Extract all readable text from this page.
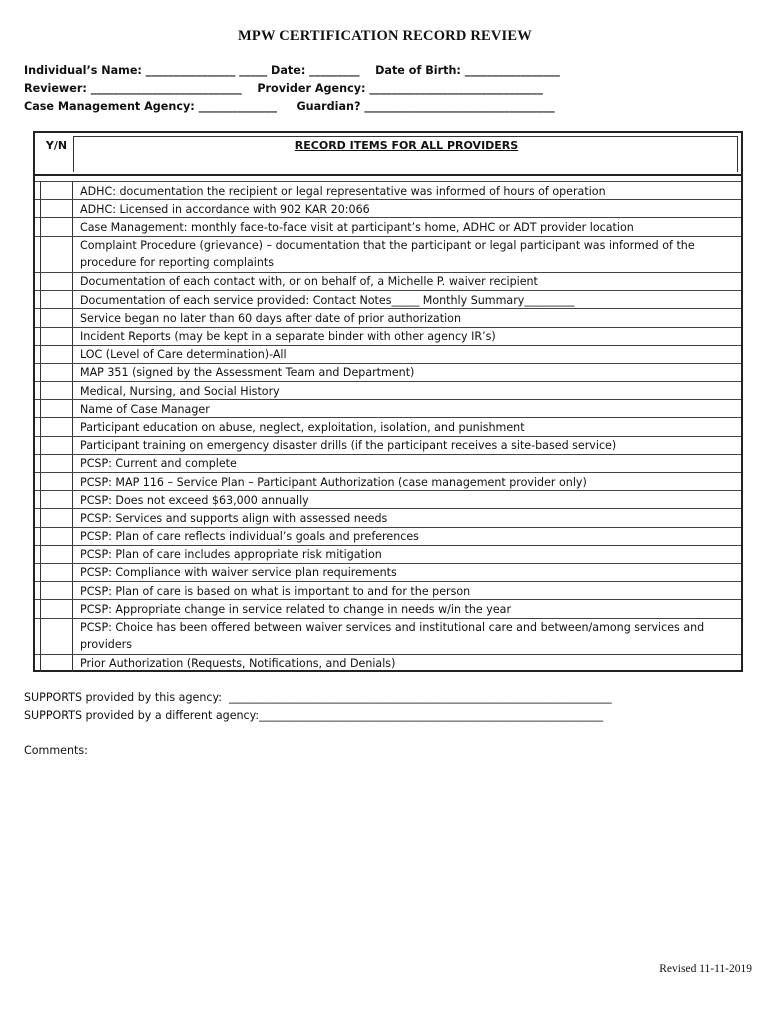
MPW CERTIFICATION RECORD REVIEW
Individual’s Name: ________________ _____ Date: _________    Date of Birth: _________________
Reviewer: ___________________________    Provider Agency: _______________________________
Case Management Agency: ______________     Guardian? __________________________________
Y/N	RECORD ITEMS FOR ALL PROVIDERS
ADHC: documentation the recipient or legal representative was informed of hours of operation
ADHC: Licensed in accordance with 902 KAR 20:066
Case Management: monthly face-to-face visit at participant’s home, ADHC or ADT provider location
Complaint Procedure (grievance) – documentation that the participant or legal participant was informed of the procedure for reporting complaints
Documentation of each contact with, or on behalf of, a Michelle P. waiver recipient
Documentation of each service provided: Contact Notes_____ Monthly Summary_________
Service began no later than 60 days after date of prior authorization
Incident Reports (may be kept in a separate binder with other agency IR’s)
LOC (Level of Care determination)-All
MAP 351 (signed by the Assessment Team and Department)
Medical, Nursing, and Social History
Name of Case Manager
Participant education on abuse, neglect, exploitation, isolation, and punishment
Participant training on emergency disaster drills (if the participant receives a site-based service)
PCSP: Current and complete
PCSP: MAP 116 – Service Plan – Participant Authorization (case management provider only)
PCSP: Does not exceed $63,000 annually
PCSP: Services and supports align with assessed needs
PCSP: Plan of care reflects individual’s goals and preferences
PCSP: Plan of care includes appropriate risk mitigation
PCSP: Compliance with waiver service plan requirements
PCSP: Plan of care is based on what is important to and for the person
PCSP: Appropriate change in service related to change in needs w/in the year
PCSP: Choice has been offered between waiver services and institutional care and between/among services and providers
Prior Authorization (Requests, Notifications, and Denials)
SUPPORTS provided by this agency:  _____________________________________________________________________
SUPPORTS provided by a different agency:______________________________________________________________
Comments:
Revised 11-11-2019
